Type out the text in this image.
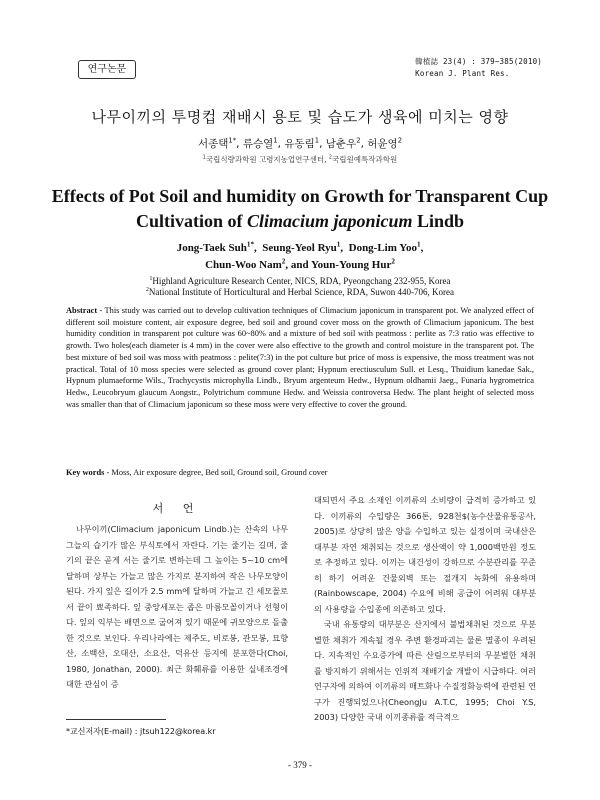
연구논문
韓植誌 23(4) : 379~385(2010)
Korean J. Plant Res.
나무이끼의 투명컵 재배시 용토 및 습도가 생육에 미치는 영향
서종택$^{1*}$, 류승열$^1$, 유동림$^1$, 남춘우$^2$, 허윤영$^2$
$^1$국립식량과학원 고령지농업연구센터, $^2$국립원예특작과학원
Effects of Pot Soil and humidity on Growth for Transparent Cup
Cultivation of Climacium japonicum Lindb
Jong-Taek Suh$^{1*}$,  Seung-Yeol Ryu$^1$,  Dong-Lim Yoo$^1$,
Chun-Woo Nam$^2$, and Youn-Young Hur$^2$
$^1$Highland Agriculture Research Center, NICS, RDA, Pyeongchang 232-955, Korea
$^2$National Institute of Horticultural and Herbal Science, RDA, Suwon 440-706, Korea
Abstract - This study was carried out to develop cultivation techniques of Climacium japonicum in transparent pot. We analyzed effect of different soil moisture content, air exposure degree, bed soil and ground cover moss on the growth of Climacium japonicum. The best humidity condition in transparent pot culture was 60~80% and a mixture of bed soil with peatmoss : perlite as 7:3 ratio was effective to growth. Two holes(each diameter is 4 mm) in the cover were also effective to the growth and control moisture in the transparent pot. The best mixture of bed soil was moss with peatmoss : pelite(7:3) in the pot culture but price of moss is expensive, the moss treatment was not practical. Total of 10 moss species were selected as ground cover plant; Hypnum erectiusculum Sull. et Lesq., Thuidium kanedae Sak., Hypnum plumaeforme Wils., Trachycystis microphylla Lindb., Bryum argenteum Hedw., Hypnum oldhamii Jaeg., Funaria hygrometrica Hedw., Leucobryum glaucum Aongstr., Polytrichum commune Hedw. and Weissia controversa Hedw. The plant height of selected moss was smaller than that of Climacium japonicum so these moss were very effective to cover the ground.
Key words - Moss, Air exposure degree, Bed soil, Ground soil, Ground cover
서 언

나무이끼(Climacium japonicum Lindb.)는 산속의 나무그늘의 습기가 많은 부식토에서 자란다. 기는 줄기는 길며, 줄기의 끝은 곧게 서는 줄기로 변하는데 그 높이는 5~10 cm에 달하며 상부는 가늘고 많은 가지로 분지하여 작은 나무모양이 된다. 가지 잎은 길이가 2.5 mm에 달하며 가늘고 긴 세모꼴로서 끝이 뾰족하다. 잎 중앙세포는 좁은 마름모꼴이거나 선형이다. 잎의 익부는 배면으로 굽어져 있기 때문에 귀모양으로 돌출한 것으로 보인다. 우리나라에는 제주도, 비로봉, 관모봉, 묘향산, 소백산, 오대산, 소요산, 덕유산 등지에 분포한다(Choi, 1980, Jonathan, 2000). 최근 화훼류를 이용한 실내조경에 대한 관심이 증

대되면서 주요 소재인 이끼류의 소비량이 급격히 증가하고 있다. 이끼류의 수입량은 366톤, 928천$(농수산물유통공사, 2005)로 상당히 많은 양을 수입하고 있는 실정이며 국내산은 대부분 자연 채취되는 것으로 생산액이 약 1,000백만원 정도로 추정하고 있다. 이끼는 내건성이 강하므로 수분관리를 꾸준히 하기 어려운 건물외벽 또는 절개지 녹화에 유용하며(Rainbowscape, 2004) 수요에 비해 공급이 어려워 대부분의 사용량을 수입종에 의존하고 있다.

국내 유통량의 대부분은 산지에서 불법채취된 것으로 무분별한 채취가 계속될 경우 주변 환경파괴는 물론 멸종이 우려된다. 지속적인 수요증가에 따른 산림으로부터의 무분별한 채취를 방지하기 위해서는 인위적 재배기술 개발이 시급하다. 여러 연구자에 의하여 이끼류의 매트화나 수질정화능력에 관련된 연구가 진행되었으나(CheongJu A.T.C, 1995; Choi Y.S, 2003) 다양한 국내 이끼종류를 적극적으

*교신저자(E-mail) : jtsuh122@korea.kr
- 379 -
